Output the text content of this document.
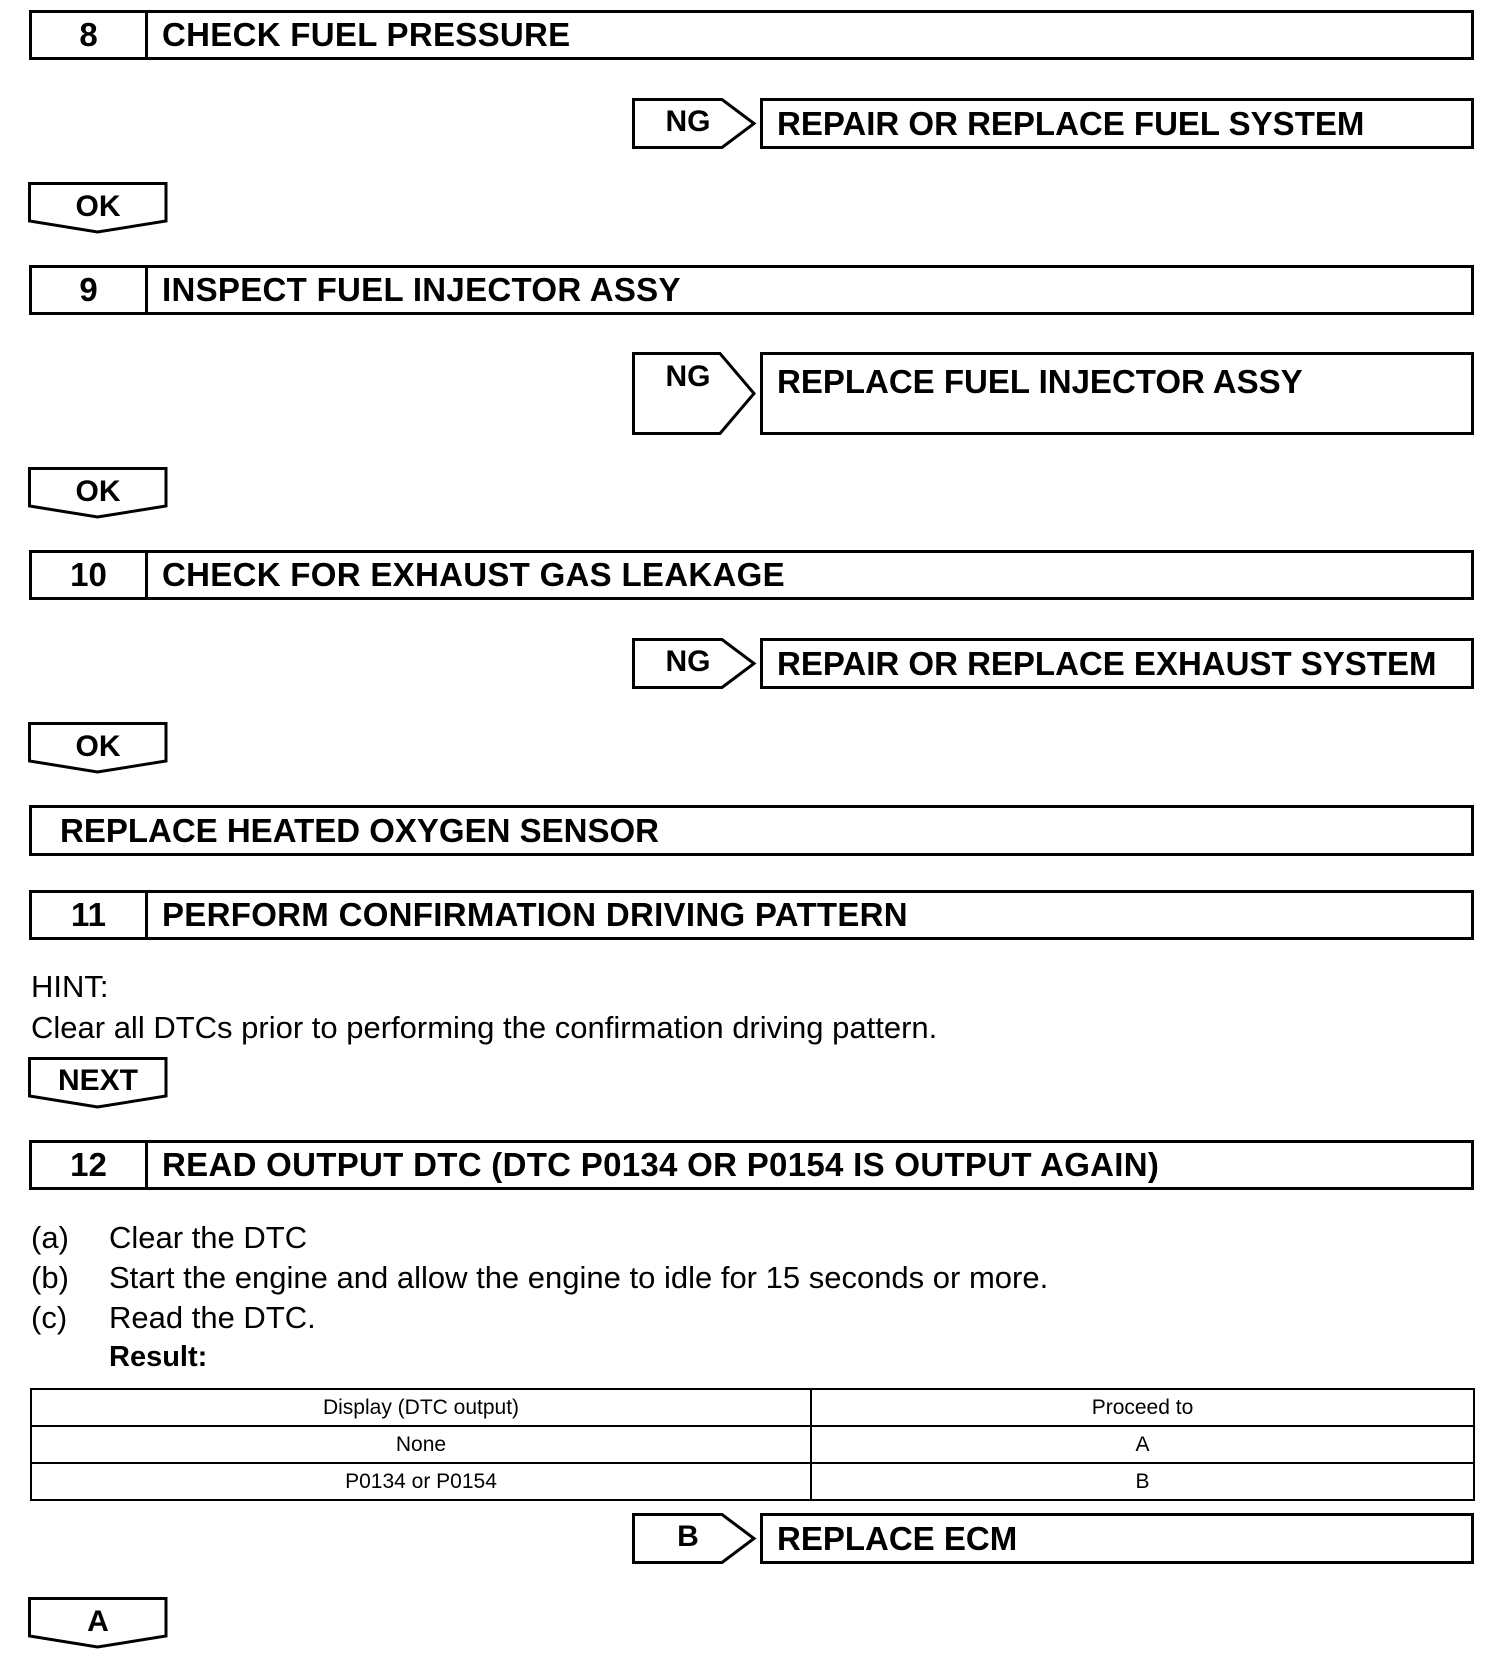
8	CHECK FUEL PRESSURE
NG	REPAIR OR REPLACE FUEL SYSTEM
OK
9	INSPECT FUEL INJECTOR ASSY
NG	REPLACE FUEL INJECTOR ASSY
OK
10	CHECK FOR EXHAUST GAS LEAKAGE
NG	REPAIR OR REPLACE EXHAUST SYSTEM
OK
REPLACE HEATED OXYGEN SENSOR
11	PERFORM CONFIRMATION DRIVING PATTERN
HINT:
Clear all DTCs prior to performing the confirmation driving pattern.
NEXT
12	READ OUTPUT DTC (DTC P0134 OR P0154 IS OUTPUT AGAIN)
(a) Clear the DTC
(b) Start the engine and allow the engine to idle for 15 seconds or more.
(c) Read the DTC.
Result:
Display (DTC output)	Proceed to
None	A
P0134 or P0154	B
B	REPLACE ECM
A
